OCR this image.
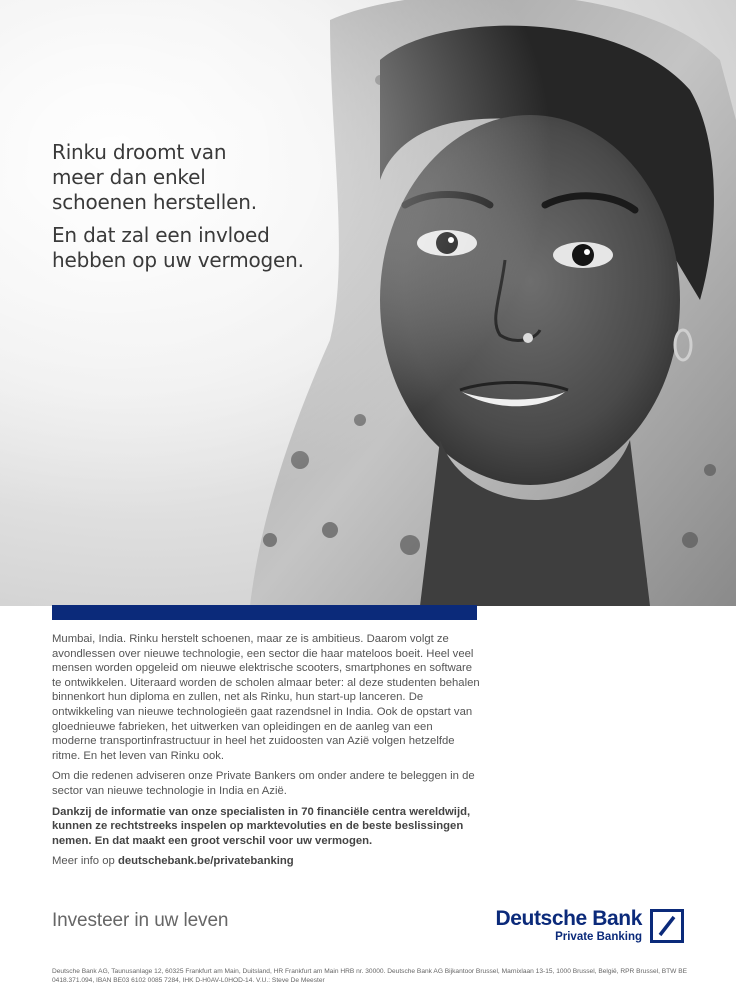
Rinku droomt van
meer dan enkel
schoenen herstellen.
En dat zal een invloed
hebben op uw vermogen.

Mumbai, India. Rinku herstelt schoenen, maar ze is ambitieus. Daarom volgt ze avondlessen over nieuwe technologie, een sector die haar mateloos boeit. Heel veel mensen worden opgeleid om nieuwe elektrische scooters, smartphones en software te ontwikkelen. Uiteraard worden de scholen almaar beter: al deze studenten behalen binnenkort hun diploma en zullen, net als Rinku, hun start-up lanceren. De ontwikkeling van nieuwe technologieën gaat razendsnel in India. Ook de opstart van gloednieuwe fabrieken, het uitwerken van opleidingen en de aanleg van een moderne transportinfrastructuur in heel het zuidoosten van Azië volgen hetzelfde ritme. En het leven van Rinku ook.

Om die redenen adviseren onze Private Bankers om onder andere te beleggen in de sector van nieuwe technologie in India en Azië.

Dankzij de informatie van onze specialisten in 70 financiële centra wereldwijd, kunnen ze rechtstreeks inspelen op marktevoluties en de beste beslissingen nemen. En dat maakt een groot verschil voor uw vermogen.

Meer info op deutschebank.be/privatebanking

Investeer in uw leven	Deutsche Bank
Private Banking
Deutsche Bank AG, Taunusanlage 12, 60325 Frankfurt am Main, Duitsland, HR Frankfurt am Main HRB nr. 30000. Deutsche Bank AG Bijkantoor Brussel, Marnixlaan 13-15, 1000 Brussel, België, RPR Brussel, BTW BE 0418.371.094, IBAN BE03 6102 0085 7284, IHK D-H0AV-L0HOD-14. V.U.: Steve De Meester
